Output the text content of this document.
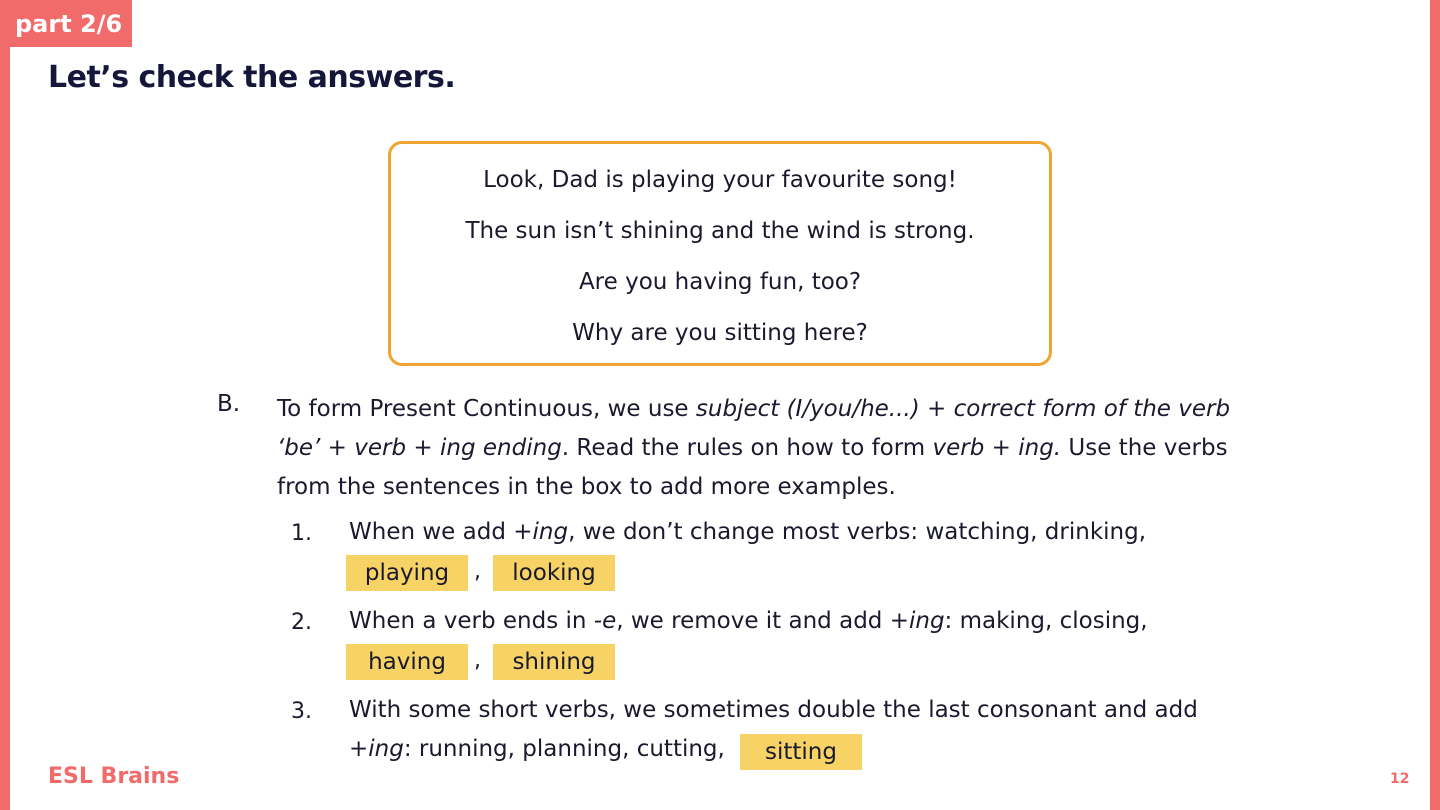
part 2/6
Let’s check the answers.
Look, Dad is playing your favourite song!
The sun isn’t shining and the wind is strong.
Are you having fun, too?
Why are you sitting here?
B. To form Present Continuous, we use subject (I/you/he...) + correct form of the verb
‘be’ + verb + ing ending. Read the rules on how to form verb + ing. Use the verbs
from the sentences in the box to add more examples.
1. When we add +ing, we don’t change most verbs: watching, drinking,
playing	,	looking
2. When a verb ends in -e, we remove it and add +ing: making, closing,
having	,	shining
3. With some short verbs, we sometimes double the last consonant and add
+ing: running, planning, cutting,	sitting
ESL Brains	12
